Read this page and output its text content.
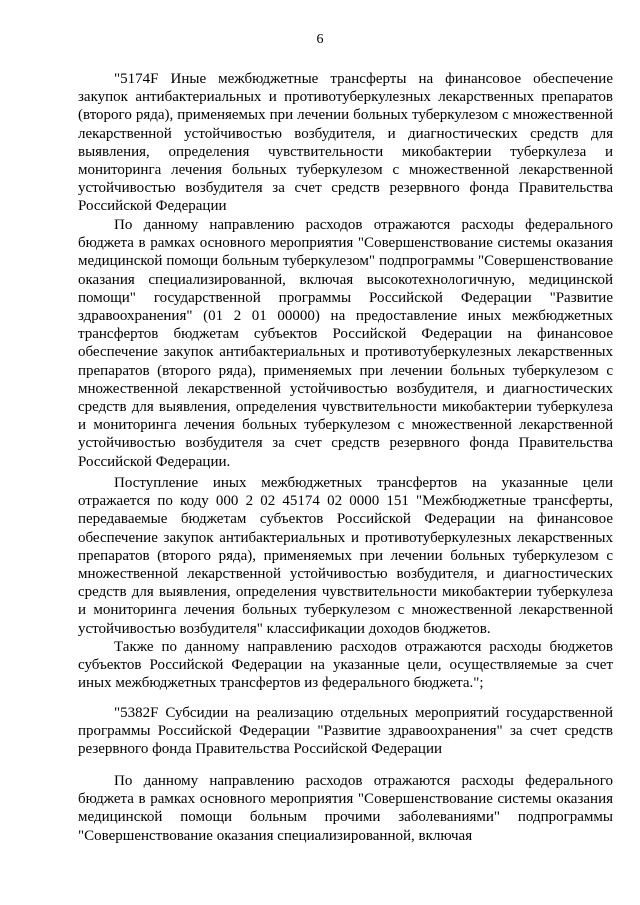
6

"5174F Иные межбюджетные трансферты на финансовое обеспечение закупок антибактериальных и противотуберкулезных лекарственных препаратов (второго ряда), применяемых при лечении больных туберкулезом с множественной лекарственной устойчивостью возбудителя, и диагностических средств для выявления, определения чувствительности микобактерии туберкулеза и мониторинга лечения больных туберкулезом с множественной лекарственной устойчивостью возбудителя за счет средств резервного фонда Правительства Российской Федерации

По данному направлению расходов отражаются расходы федерального бюджета в рамках основного мероприятия "Совершенствование системы оказания медицинской помощи больным туберкулезом" подпрограммы "Совершенствование оказания специализированной, включая высокотехнологичную, медицинской помощи" государственной программы Российской Федерации "Развитие здравоохранения" (01 2 01 00000) на предоставление иных межбюджетных трансфертов бюджетам субъектов Российской Федерации на финансовое обеспечение закупок антибактериальных и противотуберкулезных лекарственных препаратов (второго ряда), применяемых при лечении больных туберкулезом с множественной лекарственной устойчивостью возбудителя, и диагностических средств для выявления, определения чувствительности микобактерии туберкулеза и мониторинга лечения больных туберкулезом с множественной лекарственной устойчивостью возбудителя за счет средств резервного фонда Правительства Российской Федерации.

Поступление иных межбюджетных трансфертов на указанные цели отражается по коду 000 2 02 45174 02 0000 151 "Межбюджетные трансферты, передаваемые бюджетам субъектов Российской Федерации на финансовое обеспечение закупок антибактериальных и противотуберкулезных лекарственных препаратов (второго ряда), применяемых при лечении больных туберкулезом с множественной лекарственной устойчивостью возбудителя, и диагностических средств для выявления, определения чувствительности микобактерии туберкулеза и мониторинга лечения больных туберкулезом с множественной лекарственной устойчивостью возбудителя" классификации доходов бюджетов.

Также по данному направлению расходов отражаются расходы бюджетов субъектов Российской Федерации на указанные цели, осуществляемые за счет иных межбюджетных трансфертов из федерального бюджета.";

"5382F Субсидии на реализацию отдельных мероприятий государственной программы Российской Федерации "Развитие здравоохранения" за счет средств резервного фонда Правительства Российской Федерации

По данному направлению расходов отражаются расходы федерального бюджета в рамках основного мероприятия "Совершенствование системы оказания медицинской помощи больным прочими заболеваниями" подпрограммы "Совершенствование оказания специализированной, включая
